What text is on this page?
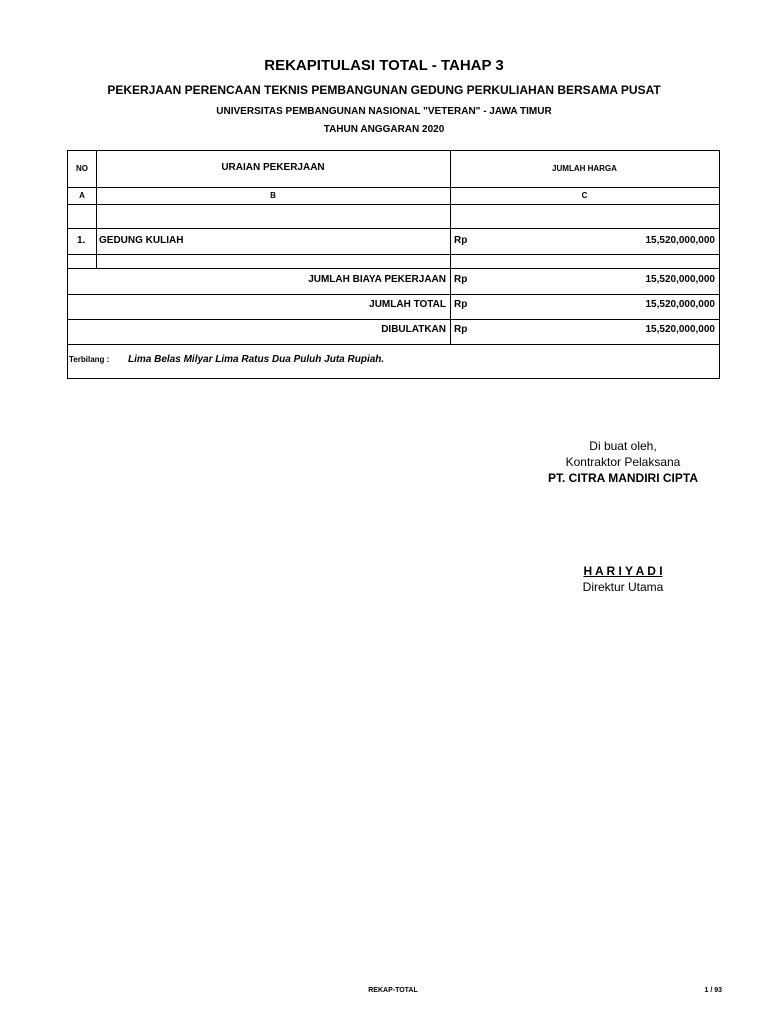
REKAPITULASI TOTAL - TAHAP 3
PEKERJAAN PERENCAAN TEKNIS PEMBANGUNAN GEDUNG PERKULIAHAN BERSAMA PUSAT
UNIVERSITAS PEMBANGUNAN NASIONAL "VETERAN" - JAWA TIMUR
TAHUN ANGGARAN 2020
NO	URAIAN PEKERJAAN	JUMLAH HARGA
A	B	C
1. GEDUNG KULIAH	Rp	15,520,000,000
JUMLAH BIAYA PEKERJAAN Rp	15,520,000,000
JUMLAH TOTAL Rp	15,520,000,000
DIBULATKAN Rp	15,520,000,000
Terbilang : Lima Belas Milyar Lima Ratus Dua Puluh Juta Rupiah.
Di buat oleh,
Kontraktor Pelaksana
PT. CITRA MANDIRI CIPTA
H A R I Y A D I
Direktur Utama
REKAP-TOTAL	1 / 93
